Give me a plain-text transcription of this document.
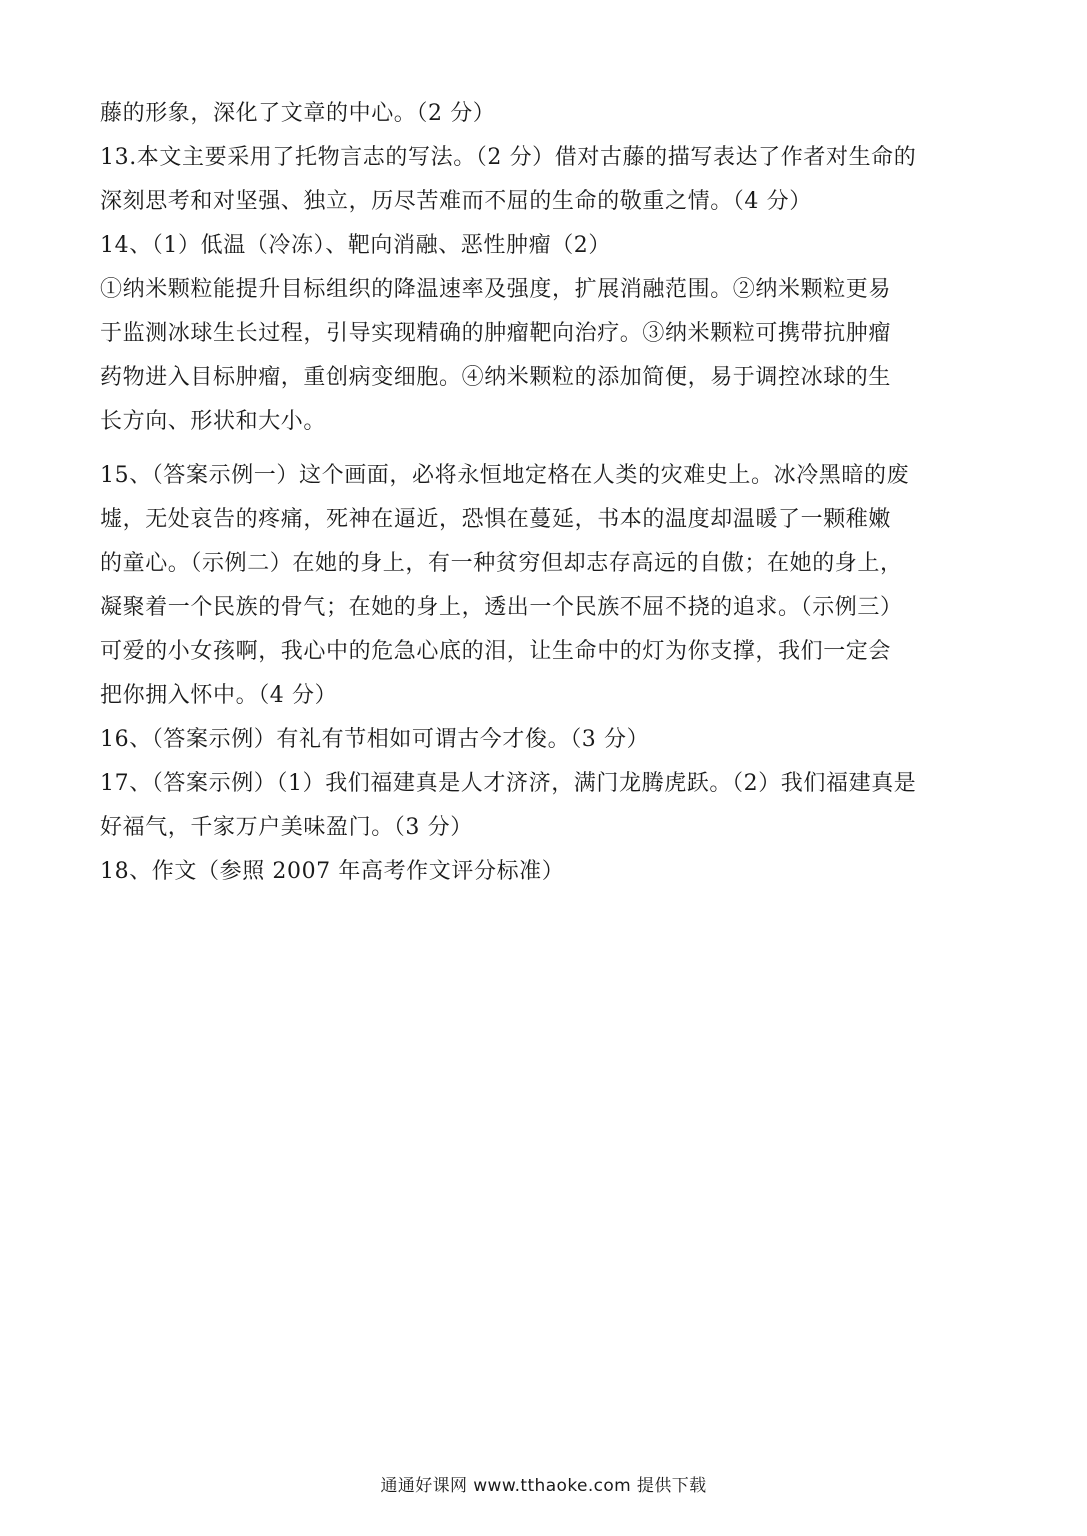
藤的形象，深化了文章的中心。（2 分）
13.本文主要采用了托物言志的写法。（2 分）借对古藤的描写表达了作者对生命的
深刻思考和对坚强、独立，历尽苦难而不屈的生命的敬重之情。（4 分）
14、（1）低温（冷冻）、靶向消融、恶性肿瘤（2）
①纳米颗粒能提升目标组织的降温速率及强度，扩展消融范围。②纳米颗粒更易
于监测冰球生长过程，引导实现精确的肿瘤靶向治疗。③纳米颗粒可携带抗肿瘤
药物进入目标肿瘤，重创病变细胞。④纳米颗粒的添加简便，易于调控冰球的生
长方向、形状和大小。
15、（答案示例一）这个画面，必将永恒地定格在人类的灾难史上。冰冷黑暗的废
墟，无处哀告的疼痛，死神在逼近，恐惧在蔓延，书本的温度却温暖了一颗稚嫩
的童心。（示例二）在她的身上，有一种贫穷但却志存高远的自傲；在她的身上，
凝聚着一个民族的骨气；在她的身上，透出一个民族不屈不挠的追求。（示例三）
可爱的小女孩啊，我心中的危急心底的泪，让生命中的灯为你支撑，我们一定会
把你拥入怀中。（4 分）
16、（答案示例）有礼有节相如可谓古今才俊。（3 分）
17、（答案示例）（1）我们福建真是人才济济，满门龙腾虎跃。（2）我们福建真是
好福气，千家万户美味盈门。（3 分）
18、作文（参照 2007 年高考作文评分标准）
通通好课网 www.tthaoke.com 提供下载
